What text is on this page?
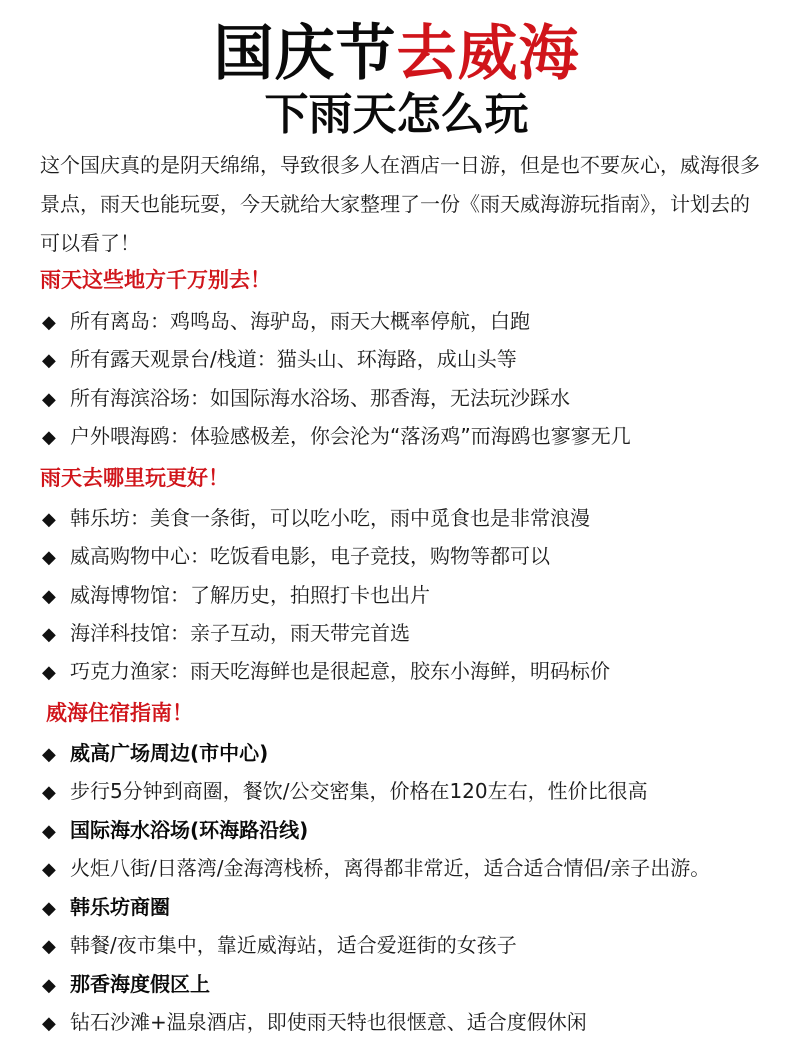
国庆节去威海
下雨天怎么玩
这个国庆真的是阴天绵绵，导致很多人在酒店一日游，但是也不要灰心，威海很多景点，雨天也能玩耍，今天就给大家整理了一份《雨天威海游玩指南》，计划去的可以看了！
雨天这些地方千万别去！
◆ 所有离岛：鸡鸣岛、海驴岛，雨天大概率停航，白跑
◆ 所有露天观景台/栈道：猫头山、环海路，成山头等
◆ 所有海滨浴场：如国际海水浴场、那香海，无法玩沙踩水
◆ 户外喂海鸥：体验感极差，你会沦为“落汤鸡”而海鸥也寥寥无几
雨天去哪里玩更好！
◆ 韩乐坊：美食一条街，可以吃小吃，雨中觅食也是非常浪漫
◆ 威高购物中心：吃饭看电影，电子竞技，购物等都可以
◆ 威海博物馆：了解历史，拍照打卡也出片
◆ 海洋科技馆：亲子互动，雨天带完首选
◆ 巧克力渔家：雨天吃海鲜也是很起意，胶东小海鲜，明码标价
威海住宿指南！
◆ 威高广场周边(市中心)
◆ 步行5分钟到商圈，餐饮/公交密集，价格在120左右，性价比很高
◆ 国际海水浴场(环海路沿线)
◆ 火炬八街/日落湾/金海湾栈桥，离得都非常近，适合适合情侣/亲子出游。
◆ 韩乐坊商圈
◆ 韩餐/夜市集中，靠近威海站，适合爱逛街的女孩子
◆ 那香海度假区上
◆ 钻石沙滩+温泉酒店，即使雨天特也很惬意、适合度假休闲
